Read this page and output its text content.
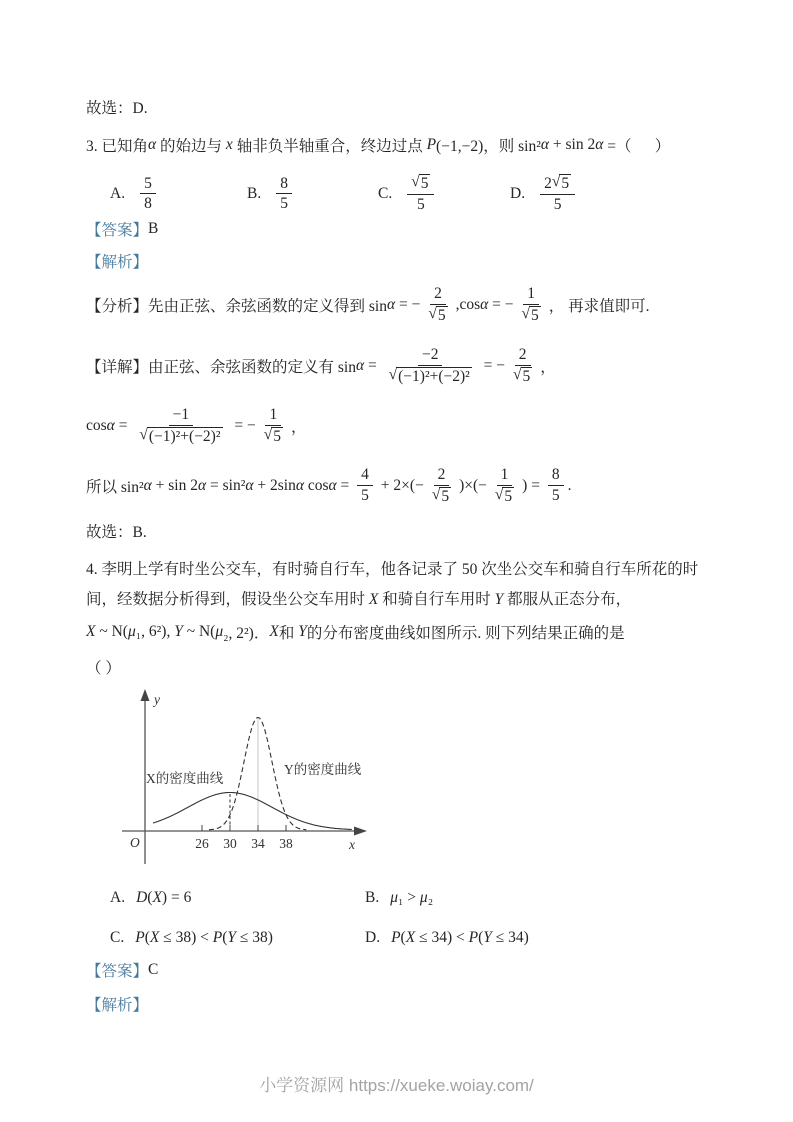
故选：D.
3. 已知角 α 的始边与 x 轴非负半轴重合，终边过点 P (−1,−2)，则 sin² α + sin 2 α =（      ）
A. $\frac{5}{8}$	B. $\frac{8}{5}$	C. $\frac{√ 5}{5}$	D. $\frac{2 √ 5}{5}$
【答案】 B
【解析】
【分析】先由正弦、余弦函数的定义得到 sin α = − $\frac{2}{√ 5} ,\cos$ α = − $\frac{1}{√ 5}$ ， 再求值即可.
【详解】由正弦、余弦函数的定义有 $\sin \alpha = \frac{-2}{\text{√ (−1)²+(−2)²}}$ = − $\frac{2}{√ 5}$ ，
$\cos \alpha = \frac{-1}{\text{√ (−1)²+(−2)²}}$ = − $\frac{1}{√ 5}$ ，
所以 sin² α + sin 2 α = sin² α + 2sin α $\cos \alpha = \frac{4}{5} + 2\times(- \frac{2}{√ 5}$ )×(− $\frac{1}{√ 5}$ ) = $\frac{8}{5}$ .
故选：B.
4. 李明上学有时坐公交车，有时骑自行车，他各记录了 50 次坐公交车和骑自行车所花的时
间，经数据分析得到，假设坐公交车用时 X 和骑自行车用时 Y 都服从正态分布，
X ~ N( μ ₁, 6²), Y ~ N( μ ₂, 2²)． X 和 Y 的分布密度曲线如图所示. 则下列结果正确的是
（ ）
26 30 34 38
X的密度曲线
Y的密度曲线
O	x
y
A. D ( X ) = 6	B. μ ₁ > μ ₂
C. P ( X ≤ 38) < P ( Y ≤ 38)	D. P ( X ≤ 34) < P ( Y ≤ 34)
【答案】 C
【解析】
小学资源网 https://xueke.woiay.com/
